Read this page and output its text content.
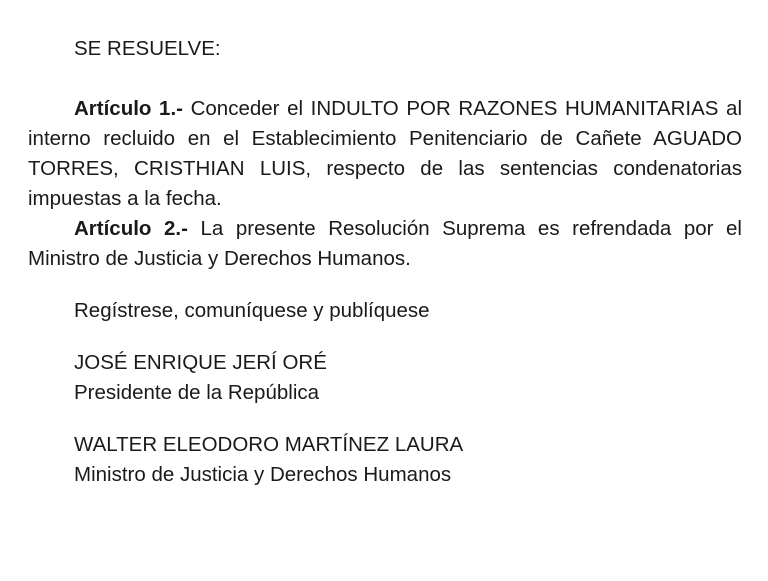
SE RESUELVE:

Artículo 1.- Conceder el INDULTO POR RAZONES HUMANITARIAS al interno recluido en el Establecimiento Penitenciario de Cañete AGUADO TORRES, CRISTHIAN LUIS, respecto de las sentencias condenatorias impuestas a la fecha.

Artículo 2.- La presente Resolución Suprema es refrendada por el Ministro de Justicia y Derechos Humanos.

Regístrese, comuníquese y publíquese

JOSÉ ENRIQUE JERÍ ORÉ

Presidente de la República

WALTER ELEODORO MARTÍNEZ LAURA

Ministro de Justicia y Derechos Humanos
